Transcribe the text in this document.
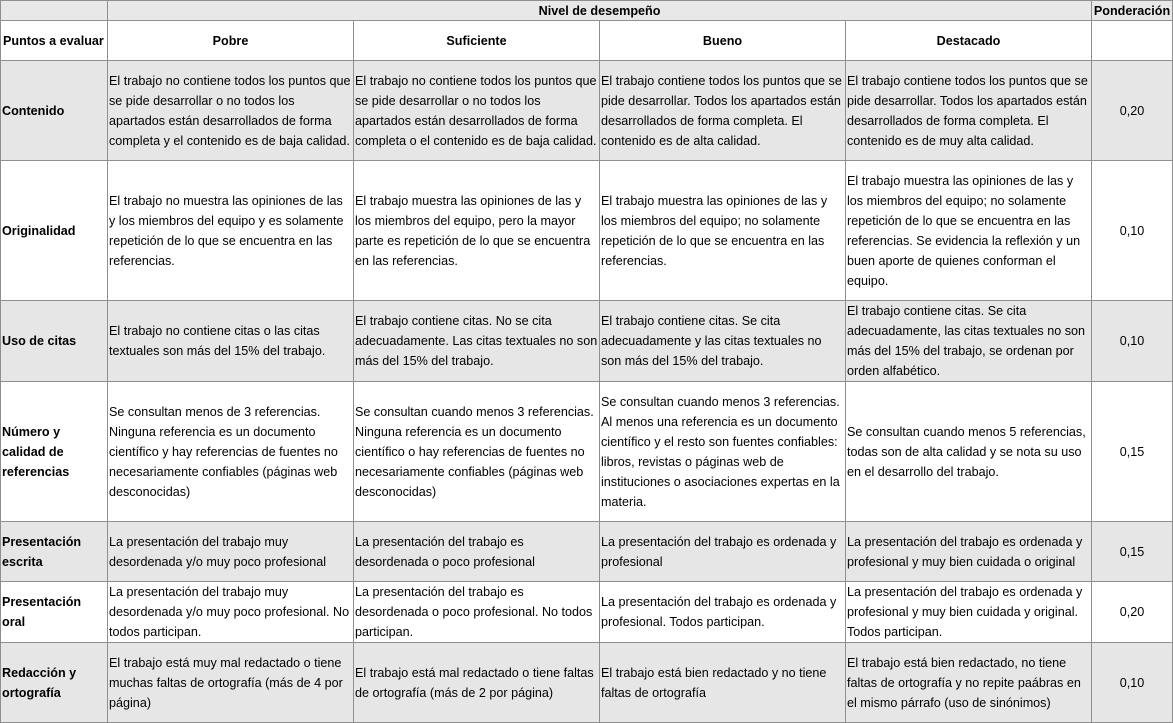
	Nivel de desempeño				Ponderación
Puntos a evaluar	Pobre	Suficiente	Bueno	Destacado	
Contenido	El trabajo no contiene todos los puntos que se pide desarrollar o no todos los apartados están desarrollados de forma completa y el contenido es de baja calidad.	El trabajo no contiene todos los puntos que se pide desarrollar o no todos los apartados están desarrollados de forma completa o el contenido es de baja calidad.	El trabajo contiene todos los puntos que se pide desarrollar. Todos los apartados están desarrollados de forma completa. El contenido es de alta calidad.	El trabajo contiene todos los puntos que se pide desarrollar. Todos los apartados están desarrollados de forma completa. El contenido es de muy alta calidad.	0,20
Originalidad	El trabajo no muestra las opiniones de las y los miembros del equipo y es solamente repetición de lo que se encuentra en las referencias.	El trabajo muestra las opiniones de las y los miembros del equipo, pero la mayor parte es repetición de lo que se encuentra en las referencias.	El trabajo muestra las opiniones de las y los miembros del equipo; no solamente repetición de lo que se encuentra en las referencias.	El trabajo muestra las opiniones de las y los miembros del equipo; no solamente repetición de lo que se encuentra en las referencias. Se evidencia la reflexión y un buen aporte de quienes conforman el equipo.	0,10
Uso de citas	El trabajo no contiene citas o las citas textuales son más del 15% del trabajo.	El trabajo contiene citas. No se cita adecuadamente. Las citas textuales no son más del 15% del trabajo.	El trabajo contiene citas. Se cita adecuadamente y las citas textuales no son más del 15% del trabajo.	El trabajo contiene citas. Se cita adecuadamente, las citas textuales no son más del 15% del trabajo, se ordenan por orden alfabético.	0,10
Número y calidad de referencias	Se consultan menos de 3 referencias. Ninguna referencia es un documento científico y hay referencias de fuentes no necesariamente confiables (páginas web desconocidas)	Se consultan cuando menos 3 referencias. Ninguna referencia es un documento científico o hay referencias de fuentes no necesariamente confiables (páginas web desconocidas)	Se consultan cuando menos 3 referencias. Al menos una referencia es un documento científico y el resto son fuentes confiables: libros, revistas o páginas web de instituciones o asociaciones expertas en la materia.	Se consultan cuando menos 5 referencias, todas son de alta calidad y se nota su uso en el desarrollo del trabajo.	0,15
Presentación escrita	La presentación del trabajo muy desordenada y/o muy poco profesional	La presentación del trabajo es desordenada o poco profesional	La presentación del trabajo es ordenada y profesional	La presentación del trabajo es ordenada y profesional y muy bien cuidada o original	0,15
Presentación oral	La presentación del trabajo muy desordenada y/o muy poco profesional. No todos participan.	La presentación del trabajo es desordenada o poco profesional. No todos participan.	La presentación del trabajo es ordenada y profesional. Todos participan.	La presentación del trabajo es ordenada y profesional y muy bien cuidada y original. Todos participan.	0,20
Redacción y ortografía	El trabajo está muy mal redactado o tiene muchas faltas de ortografía (más de 4 por página)	El trabajo está mal redactado o tiene faltas de ortografía (más de 2 por página)	El trabajo está bien redactado y no tiene faltas de ortografía	El trabajo está bien redactado, no tiene faltas de ortografía y no repite paábras en el mismo párrafo (uso de sinónimos)	0,10
